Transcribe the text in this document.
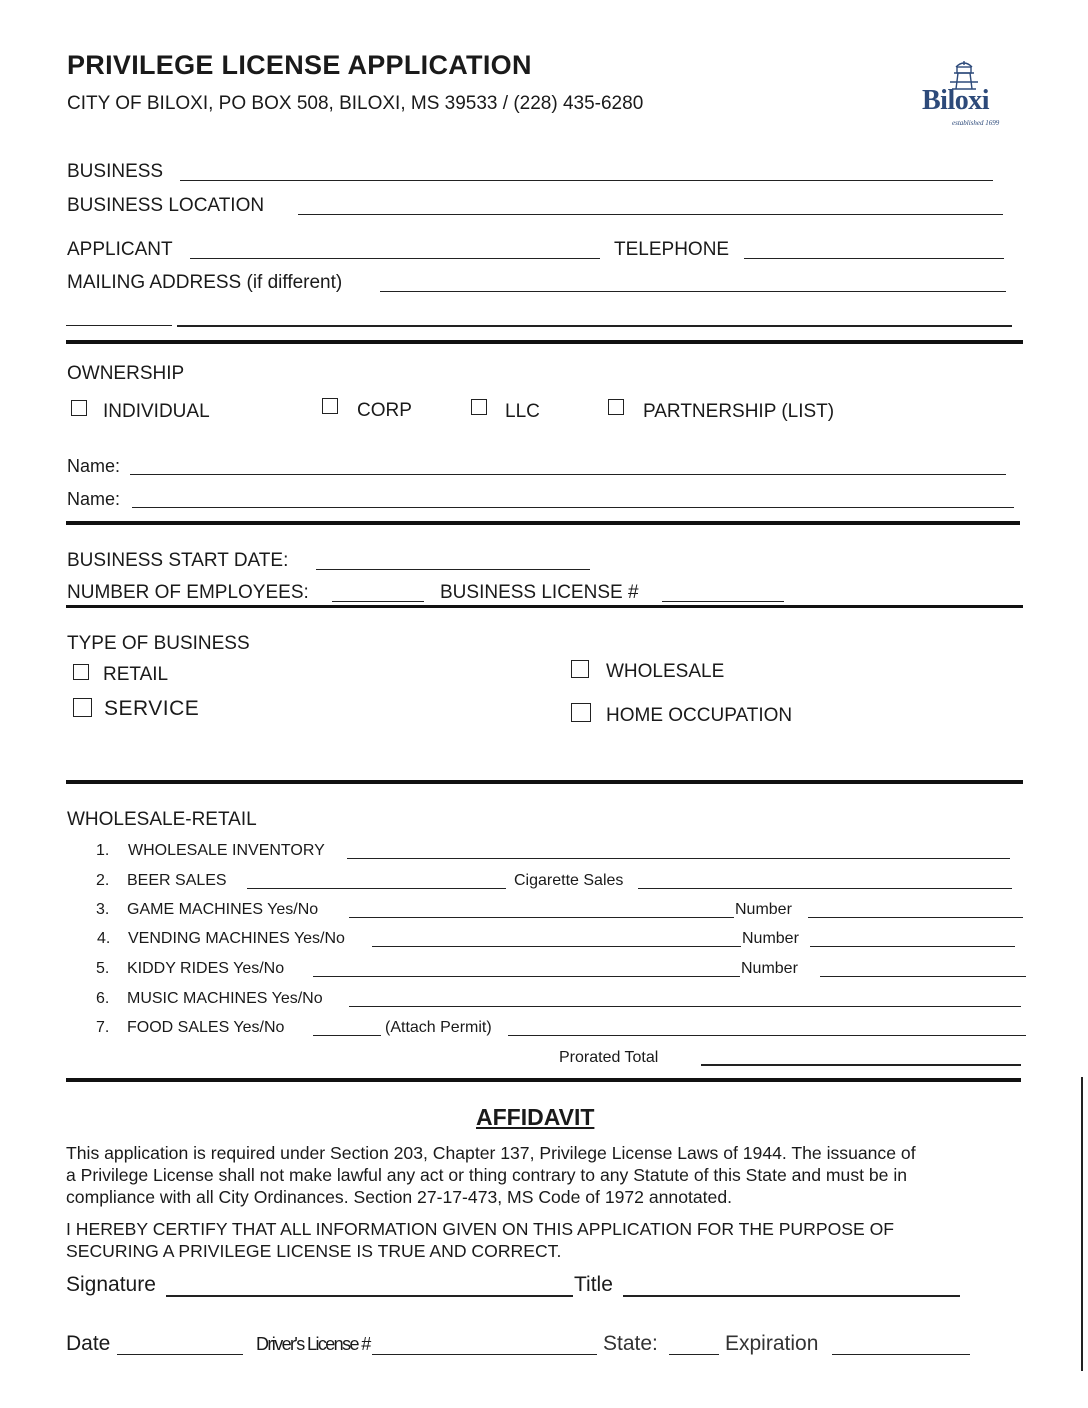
PRIVILEGE LICENSE APPLICATION
CITY OF BILOXI, PO BOX 508, BILOXI, MS 39533 / (228) 435-6280	Biloxi
established 1699
BUSINESS
BUSINESS LOCATION
APPLICANT	TELEPHONE
MAILING ADDRESS (if different)
OWNERSHIP
INDIVIDUAL	CORP	LLC	PARTNERSHIP (LIST)
Name:
Name:
BUSINESS START DATE:
NUMBER OF EMPLOYEES:	BUSINESS LICENSE #
TYPE OF BUSINESS
RETAIL
SERVICE
WHOLESALE
HOME OCCUPATION
WHOLESALE-RETAIL
1. WHOLESALE INVENTORY
2. BEER SALES	Cigarette Sales
3. GAME MACHINES Yes/No	Number
4. VENDING MACHINES Yes/No	Number
5. KIDDY RIDES Yes/No	Number
6. MUSIC MACHINES Yes/No
7. FOOD SALES Yes/No	(Attach Permit)
Prorated Total
AFFIDAVIT
This application is required under Section 203, Chapter 137, Privilege License Laws of 1944. The issuance of
a Privilege License shall not make lawful any act or thing contrary to any Statute of this State and must be in
compliance with all City Ordinances. Section 27-17-473, MS Code of 1972 annotated.
I HEREBY CERTIFY THAT ALL INFORMATION GIVEN ON THIS APPLICATION FOR THE PURPOSE OF
SECURING A PRIVILEGE LICENSE IS TRUE AND CORRECT.
Signature	Title
Date	Driver's License #	State:	Expiration
